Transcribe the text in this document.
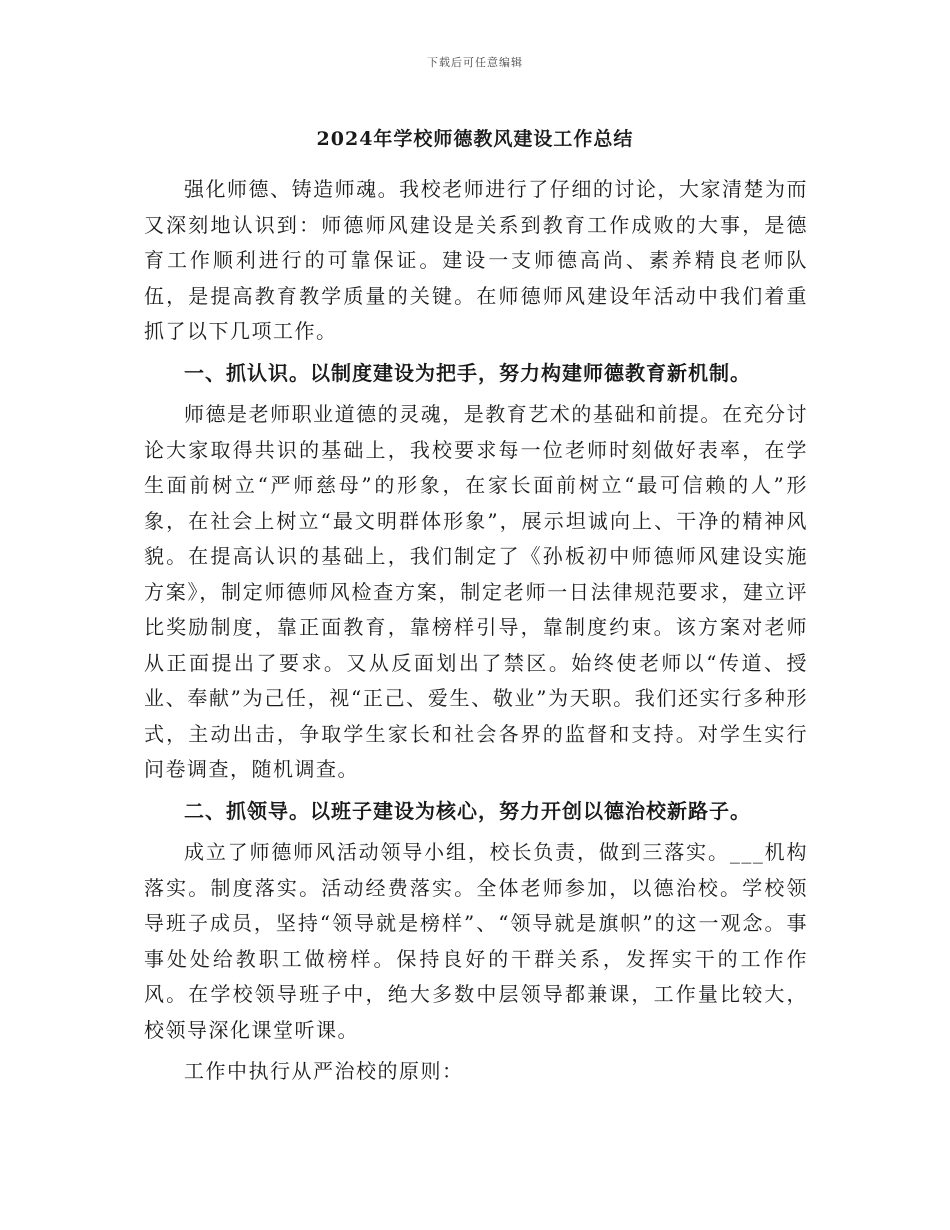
下载后可任意编辑
2024年学校师德教风建设工作总结

强化师德、铸造师魂。我校老师进行了仔细的讨论，大家清楚为而又深刻地认识到：师德师风建设是关系到教育工作成败的大事，是德育工作顺利进行的可靠保证。建设一支师德高尚、素养精良老师队伍，是提高教育教学质量的关键。在师德师风建设年活动中我们着重抓了以下几项工作。

一、抓认识。以制度建设为把手，努力构建师德教育新机制。

师德是老师职业道德的灵魂，是教育艺术的基础和前提。在充分讨论大家取得共识的基础上，我校要求每一位老师时刻做好表率，在学生面前树立“严师慈母”的形象，在家长面前树立“最可信赖的人”形象，在社会上树立“最文明群体形象”，展示坦诚向上、干净的精神风貌。在提高认识的基础上，我们制定了《孙板初中师德师风建设实施方案》，制定师德师风检查方案，制定老师一日法律规范要求，建立评比奖励制度，靠正面教育，靠榜样引导，靠制度约束。该方案对老师从正面提出了要求。又从反面划出了禁区。始终使老师以“传道、授业、奉献”为己任，视“正己、爱生、敬业”为天职。我们还实行多种形式，主动出击，争取学生家长和社会各界的监督和支持。对学生实行问卷调查，随机调查。

二、抓领导。以班子建设为核心，努力开创以德治校新路子。

成立了师德师风活动领导小组，校长负责，做到三落实。___机构落实。制度落实。活动经费落实。全体老师参加，以德治校。学校领导班子成员，坚持“领导就是榜样”、“领导就是旗帜”的这一观念。事事处处给教职工做榜样。保持良好的干群关系，发挥实干的工作作风。在学校领导班子中，绝大多数中层领导都兼课，工作量比较大，校领导深化课堂听课。

工作中执行从严治校的原则：
